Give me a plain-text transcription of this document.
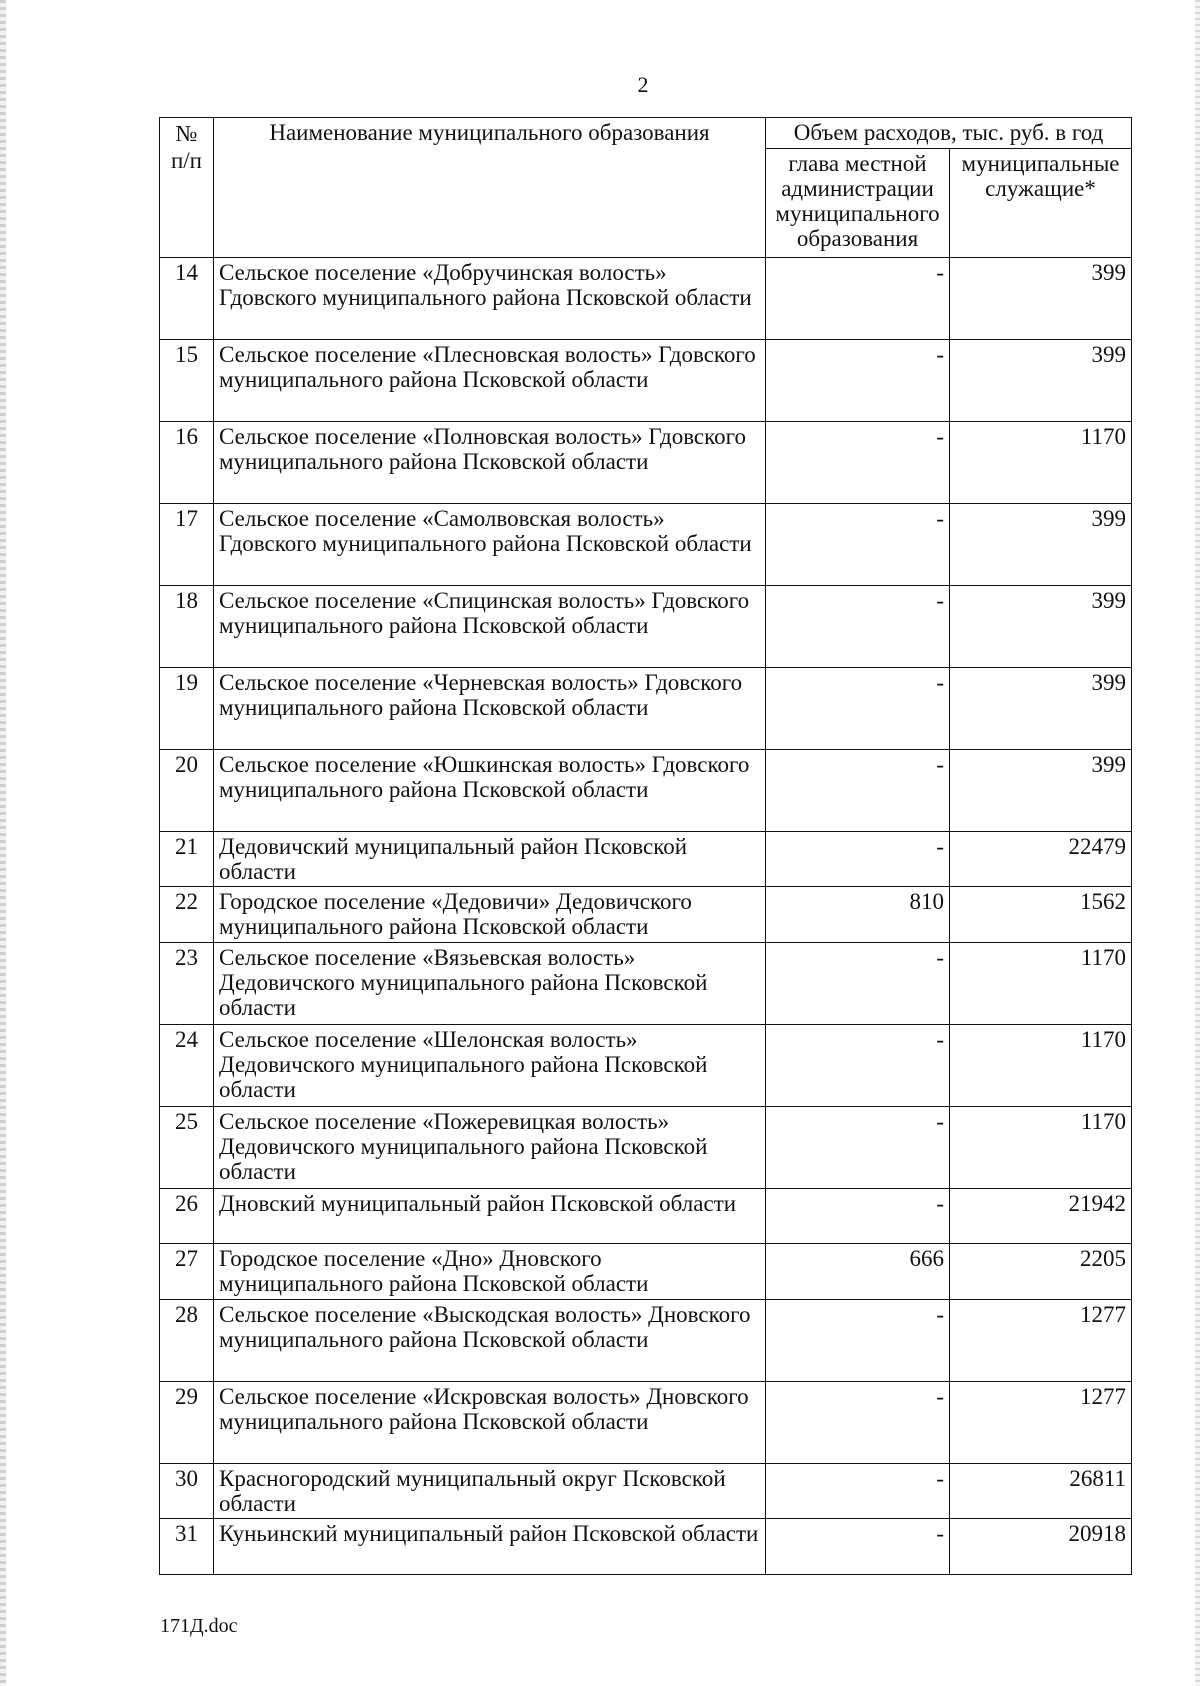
2
№ п/п	Наименование муниципального образования	Объем расходов, тыс. руб. в год	
		глава местной администрации муниципального образования	муниципальные служащие*
14	Сельское поселение «Добручинская волость» Гдовского муниципального района Псковской области	-	399
15	Сельское поселение «Плесновская волость» Гдовского муниципального района Псковской области	-	399
16	Сельское поселение «Полновская волость» Гдовского муниципального района Псковской области	-	1170
17	Сельское поселение «Самолвовская волость» Гдовского муниципального района Псковской области	-	399
18	Сельское поселение «Спицинская волость» Гдовского муниципального района Псковской области	-	399
19	Сельское поселение «Черневская волость» Гдовского муниципального района Псковской области	-	399
20	Сельское поселение «Юшкинская волость» Гдовского муниципального района Псковской области	-	399
21	Дедовичский муниципальный район Псковской области	-	22479
22	Городское поселение «Дедовичи» Дедовичского муниципального района Псковской области	810	1562
23	Сельское поселение «Вязьевская волость» Дедовичского муниципального района Псковской области	-	1170
24	Сельское поселение «Шелонская волость» Дедовичского муниципального района Псковской области	-	1170
25	Сельское поселение «Пожеревицкая волость» Дедовичского муниципального района Псковской области	-	1170
26	Дновский муниципальный район Псковской области	-	21942
27	Городское поселение «Дно» Дновского муниципального района Псковской области	666	2205
28	Сельское поселение «Выскодская волость» Дновского муниципального района Псковской области	-	1277
29	Сельское поселение «Искровская волость» Дновского муниципального района Псковской области	-	1277
30	Красногородский муниципальный округ Псковской области	-	26811
31	Куньинский муниципальный район Псковской области	-	20918
171Д.doc
